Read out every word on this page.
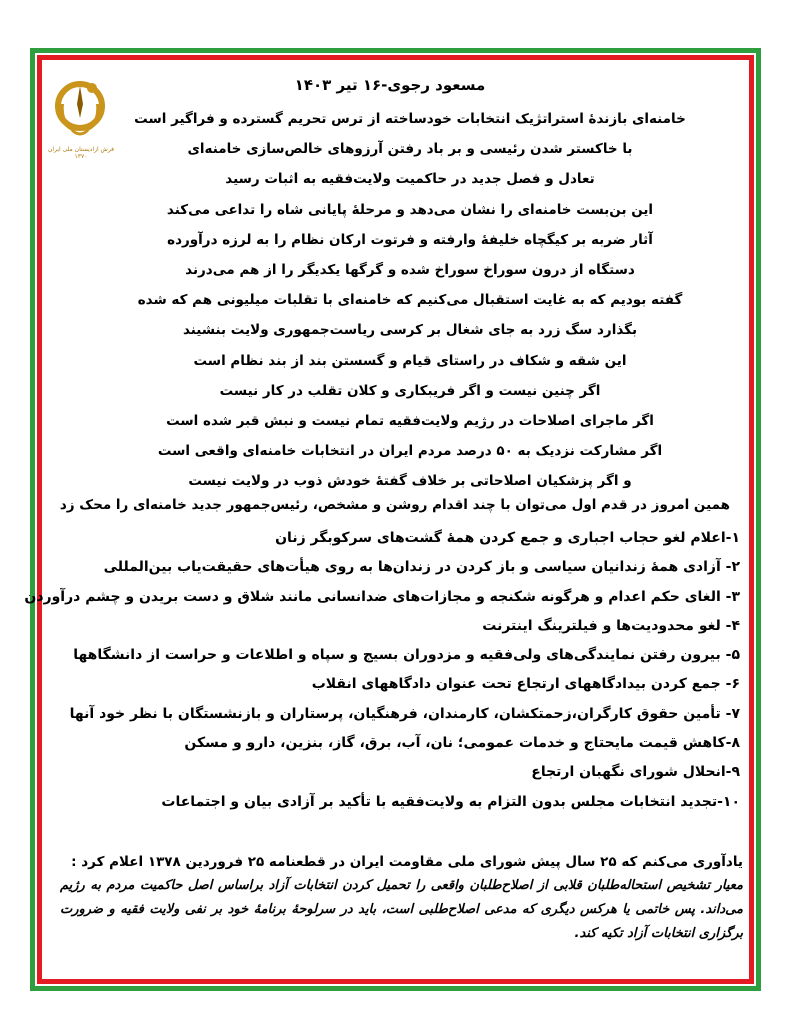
فرش ازادیستان ملی ایران ۱۳۷۰
مسعود رجوی-۱۶ تیر ۱۴۰۳
خامنه‌ای بازندهٔ استراتژیک انتخابات خودساخته از ترس تحریم گسترده و فراگیر است
با خاکستر شدن رئیسی و بر باد رفتن آرزوهای خالص‌سازی خامنه‌ای
تعادل و فصل جدید در حاکمیت ولایت‌فقیه به اثبات رسید
این بن‌بست خامنه‌ای را نشان می‌دهد و مرحلهٔ پایانی شاه را تداعی می‌کند
آثار ضربه بر کیگچاه خلیفهٔ وارفته و فرتوت ارکان نظام را به لرزه درآورده
دستگاه از درون سوراخ سوراخ شده و گرگها یکدیگر را از هم می‌درند
گفته بودیم که به غایت استقبال می‌کنیم که خامنه‌ای با تقلبات میلیونی هم که شده
بگذارد سگ زرد به جای شغال بر کرسی ریاست‌جمهوری ولایت بنشیند
این شقه و شکاف در راستای قیام و گسستن بند از بند نظام است
اگر چنین نیست و اگر فریبکاری و کلان تقلب در کار نیست
اگر ماجرای اصلاحات در رژیم ولایت‌فقیه تمام نیست و نبش قبر شده است
اگر مشارکت نزدیک به ۵۰ درصد مردم ایران در انتخابات خامنه‌ای واقعی است
و اگر پزشکیان اصلاحاتی بر خلاف گفتهٔ خودش ذوب در ولایت نیست
همین امروز در قدم اول می‌توان با چند اقدام روشن و مشخص، رئیس‌جمهور جدید خامنه‌ای را محک زد
۱-اعلام لغو حجاب اجباری و جمع کردن همهٔ گشت‌های سرکوبگر زنان
۲- آزادی همهٔ زندانیان سیاسی و باز کردن در زندان‌ها به روی هیأت‌های حقیقت‌یاب بین‌المللی
۳- الغای حکم اعدام و هرگونه شکنجه و مجازات‌های ضدانسانی مانند شلاق و دست بریدن و چشم درآوردن
۴- لغو محدودیت‌ها و فیلترینگ اینترنت
۵- بیرون رفتن نمایندگی‌های ولی‌فقیه و مزدوران بسیج و سپاه و اطلاعات و حراست از دانشگاهها
۶- جمع کردن بیدادگاههای ارتجاع تحت عنوان دادگاههای انقلاب
۷- تأمین حقوق کارگران،زحمتکشان، کارمندان، فرهنگیان، پرستاران و بازنشستگان با نظر خود آنها
۸-کاهش قیمت مایحتاج و خدمات عمومی؛ نان، آب، برق، گاز، بنزین، دارو و مسکن
۹-انحلال شورای نگهبان ارتجاع
۱۰-تجدید انتخابات مجلس بدون التزام به ولایت‌فقیه با تأکید بر آزادی بیان و اجتماعات
یادآوری می‌کنم که ۲۵ سال پیش شورای ملی مقاومت ایران در قطعنامه ۲۵ فروردین ۱۳۷۸ اعلام کرد :
معیار تشخیص استحاله‌طلبان قلابی از اصلاح‌طلبان واقعی را تحمیل کردن انتخابات آزاد براساس اصل حاکمیت مردم به رژیم می‌داند. پس خاتمی یا هرکس دیگری که مدعی اصلاح‌طلبی است، باید در سرلوحهٔ برنامهٔ خود بر نفی ولایت فقیه و ضرورت برگزاری انتخابات آزاد تکیه کند.
